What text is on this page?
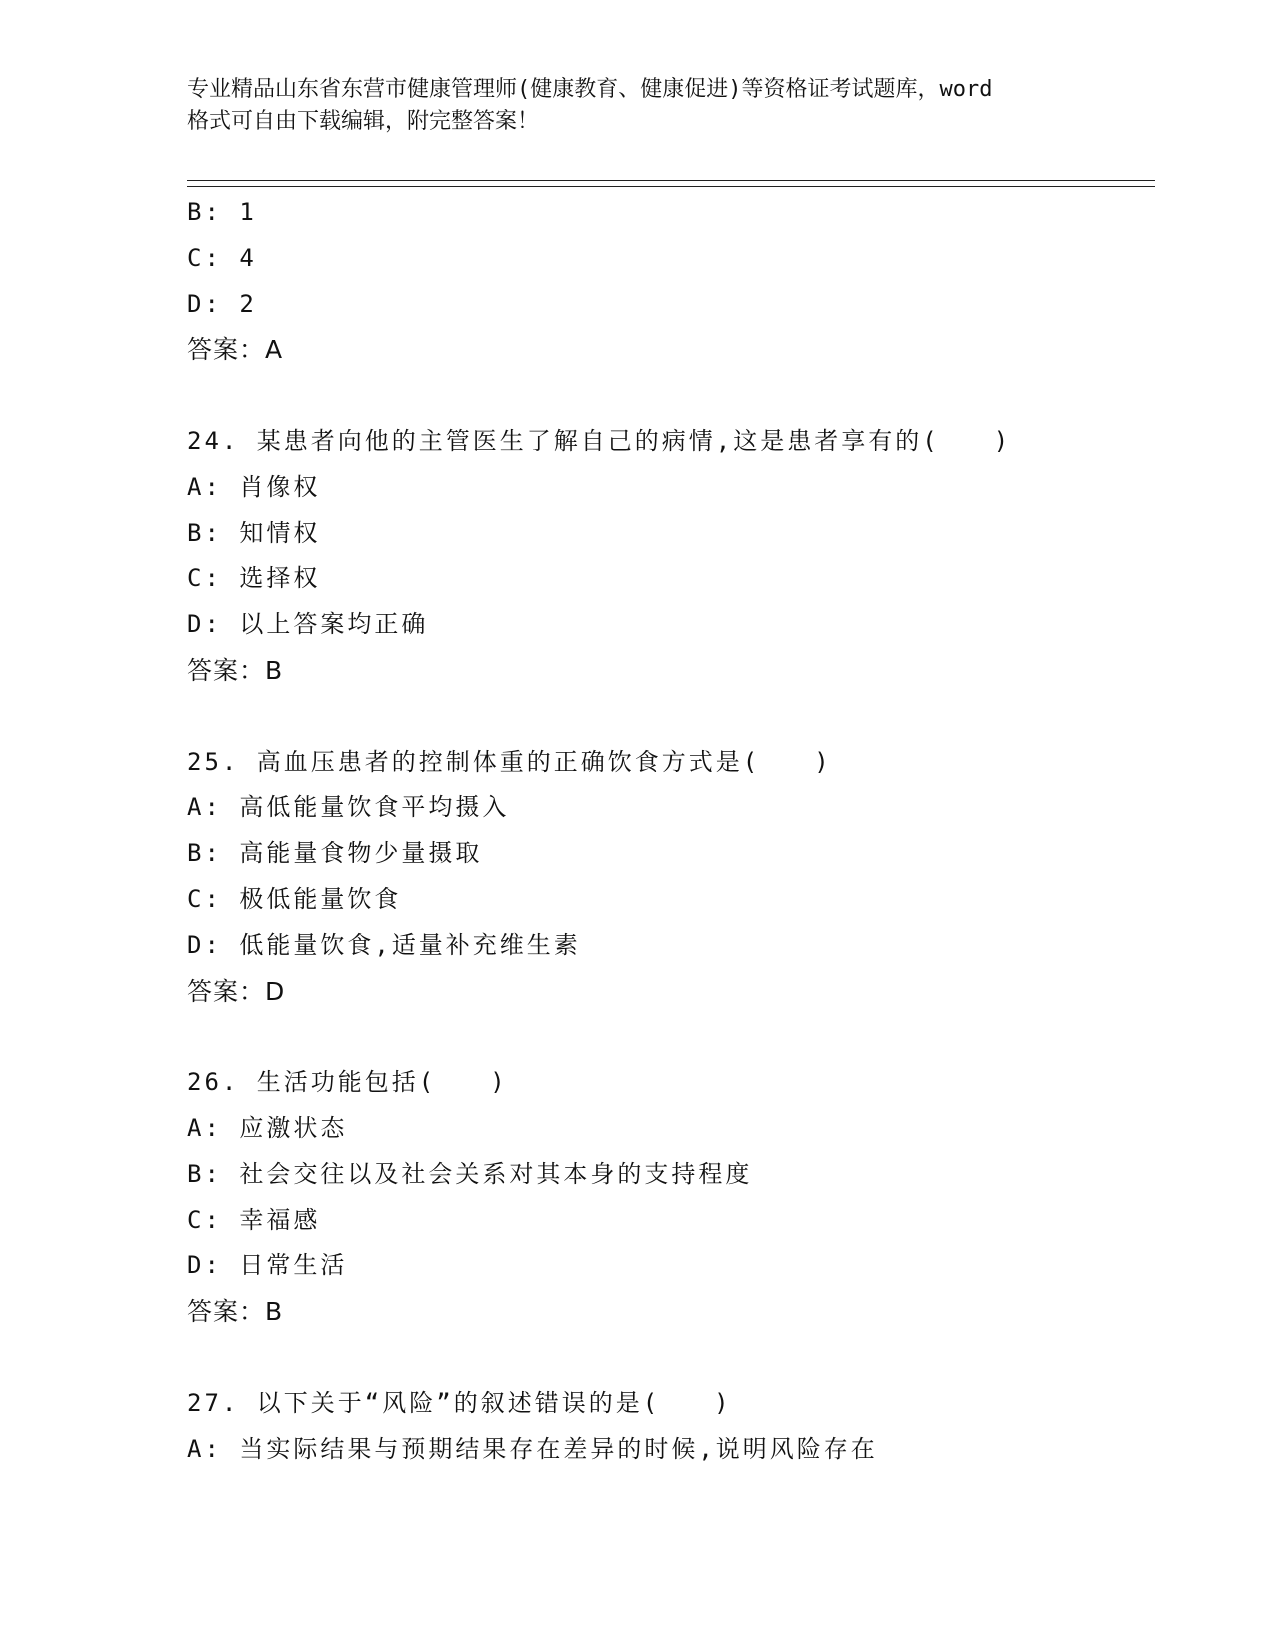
专业精品山东省东营市健康管理师(健康教育、健康促进)等资格证考试题库，word
格式可自由下载编辑，附完整答案！
B: 1
C: 4
D: 2
答案：A
24. 某患者向他的主管医生了解自己的病情,这是患者享有的(　　)
A: 肖像权
B: 知情权
C: 选择权
D: 以上答案均正确
答案：B
25. 高血压患者的控制体重的正确饮食方式是(　　)
A: 高低能量饮食平均摄入
B: 高能量食物少量摄取
C: 极低能量饮食
D: 低能量饮食,适量补充维生素
答案：D
26. 生活功能包括(　　)
A: 应激状态
B: 社会交往以及社会关系对其本身的支持程度
C: 幸福感
D: 日常生活
答案：B
27. 以下关于“风险”的叙述错误的是(　　)
A: 当实际结果与预期结果存在差异的时候,说明风险存在
